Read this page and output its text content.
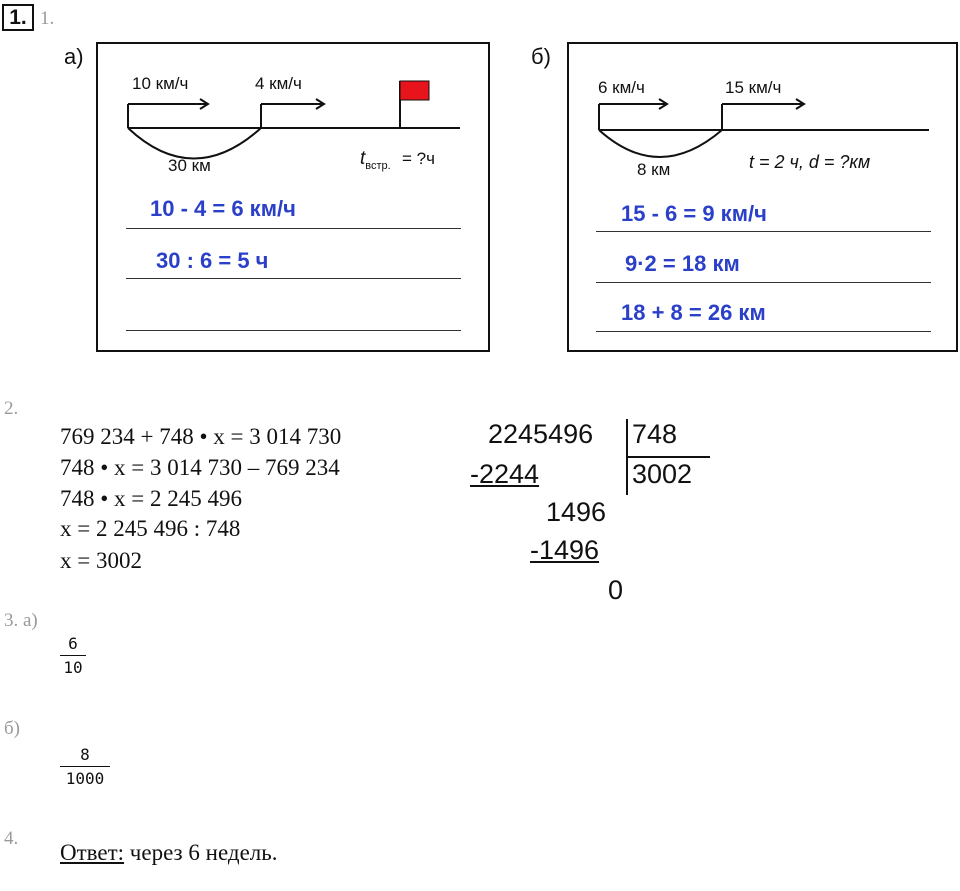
1. 1.
а)
10 км/ч	4 км/ч
30 км	$t_{встр.}$ = ?ч
10 - 4 = 6 км/ч
30 : 6 = 5 ч
б)
6 км/ч	15 км/ч
8 км	t = 2 ч, d = ?км
15 - 6 = 9 км/ч
9·2 = 18 км
18 + 8 = 26 км
2.
769 234 + 748 • x = 3 014 730
748 • x = 3 014 730 – 769 234
748 • x = 2 245 496
x = 2 245 496 : 748
x = 3002
2245496 748
3002
-2244
1496
-1496
0
3. а)
6
10
б)
8
1000
4.
Ответ: через 6 недель.
